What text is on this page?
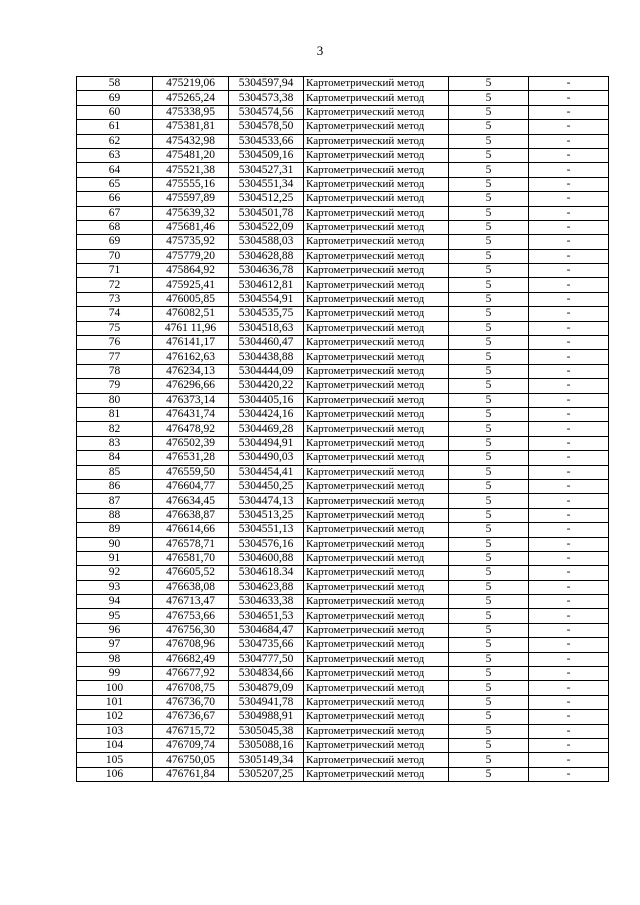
3
58	475219,06	5304597,94	Картометрический метод	5	-
69	475265,24	5304573,38	Картометрический метод	5	-
60	475338,95	5304574,56	Картометрический метод	5	-
61	475381,81	5304578,50	Картометрический метод	5	-
62	475432,98	5304533,66	Картометрический метод	5	-
63	475481,20	5304509,16	Картометрический метод	5	-
64	475521,38	5304527,31	Картометрический метод	5	-
65	475555,16	5304551,34	Картометрический метод	5	-
66	475597,89	5304512,25	Картометрический метод	5	-
67	475639,32	5304501,78	Картометрический метод	5	-
68	475681,46	5304522,09	Картометрический метод	5	-
69	475735,92	5304588,03	Картометрический метод	5	-
70	475779,20	5304628,88	Картометрический метод	5	-
71	475864,92	5304636,78	Картометрический метод	5	-
72	475925,41	5304612,81	Картометрический метод	5	-
73	476005,85	5304554,91	Картометрический метод	5	-
74	476082,51	5304535,75	Картометрический метод	5	-
75	4761 11,96	5304518,63	Картометрический метод	5	-
76	476141,17	5304460,47	Картометрический метод	5	-
77	476162,63	5304438,88	Картометрический метод	5	-
78	476234,13	5304444,09	Картометрический метод	5	-
79	476296,66	5304420,22	Картометрический метод	5	-
80	476373,14	5304405,16	Картометрический метод	5	-
81	476431,74	5304424,16	Картометрический метод	5	-
82	476478,92	5304469,28	Картометрический метод	5	-
83	476502,39	5304494,91	Картометрический метод	5	-
84	476531,28	5304490,03	Картометрический метод	5	-
85	476559,50	5304454,41	Картометрический метод	5	-
86	476604,77	5304450,25	Картометрический метод	5	-
87	476634,45	5304474,13	Картометрический метод	5	-
88	476638,87	5304513,25	Картометрический метод	5	-
89	476614,66	5304551,13	Картометрический метод	5	-
90	476578,71	5304576,16	Картометрический метод	5	-
91	476581,70	5304600,88	Картометрический метод	5	-
92	476605,52	5304618.34	Картометрический метод	5	-
93	476638,08	5304623,88	Картометрический метод	5	-
94	476713,47	5304633,38	Картометрический метод	5	-
95	476753,66	5304651,53	Картометрический метод	5	-
96	476756,30	5304684,47	Картометрический метод	5	-
97	476708,96	5304735,66	Картометрический метод	5	-
98	476682,49	5304777,50	Картометрический метод	5	-
99	476677,92	5304834,66	Картометрический метод	5	-
100	476708,75	5304879,09	Картометрический метод	5	-
101	476736,70	5304941,78	Картометрический метод	5	-
102	476736,67	5304988,91	Картометрический метод	5	-
103	476715,72	5305045,38	Картометрический метод	5	-
104	476709,74	5305088,16	Картометрический метод	5	-
105	476750,05	5305149,34	Картометрический метод	5	-
106	476761,84	5305207,25	Картометрический метод	5	-
